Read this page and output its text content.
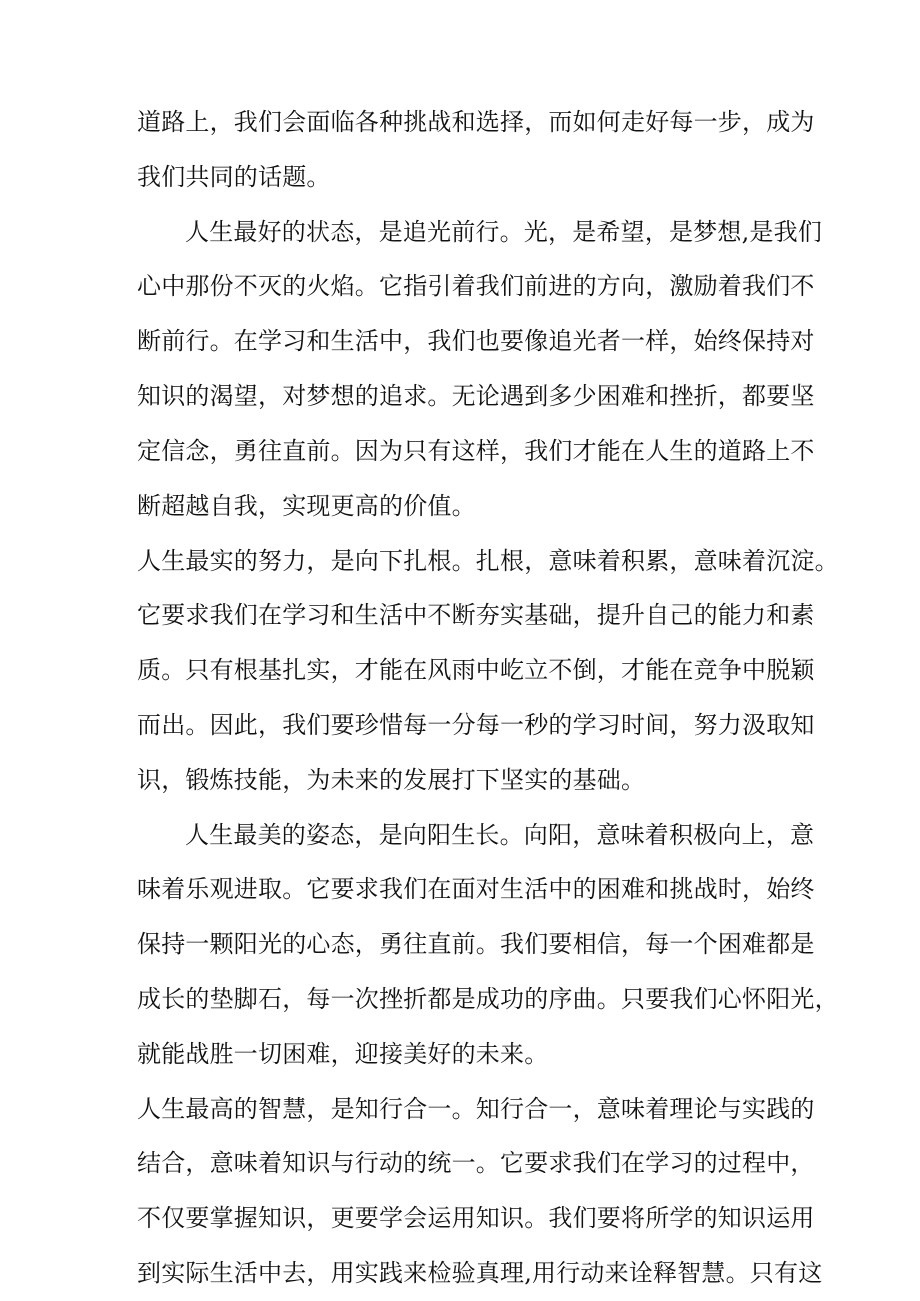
道路上，我们会面临各种挑战和选择，而如何走好每一步，成为
我们共同的话题。
人生最好的状态，是追光前行。光，是希望，是梦想,是我们
心中那份不灭的火焰。它指引着我们前进的方向，激励着我们不
断前行。在学习和生活中，我们也要像追光者一样，始终保持对
知识的渴望，对梦想的追求。无论遇到多少困难和挫折，都要坚
定信念，勇往直前。因为只有这样，我们才能在人生的道路上不
断超越自我，实现更高的价值。
人生最实的努力，是向下扎根。扎根，意味着积累，意味着沉淀。
它要求我们在学习和生活中不断夯实基础，提升自己的能力和素
质。只有根基扎实，才能在风雨中屹立不倒，才能在竞争中脱颖
而出。因此，我们要珍惜每一分每一秒的学习时间，努力汲取知
识，锻炼技能，为未来的发展打下坚实的基础。
人生最美的姿态，是向阳生长。向阳，意味着积极向上，意
味着乐观进取。它要求我们在面对生活中的困难和挑战时，始终
保持一颗阳光的心态，勇往直前。我们要相信，每一个困难都是
成长的垫脚石，每一次挫折都是成功的序曲。只要我们心怀阳光，
就能战胜一切困难，迎接美好的未来。
人生最高的智慧，是知行合一。知行合一，意味着理论与实践的
结合，意味着知识与行动的统一。它要求我们在学习的过程中，
不仅要掌握知识，更要学会运用知识。我们要将所学的知识运用
到实际生活中去，用实践来检验真理,用行动来诠释智慧。只有这
